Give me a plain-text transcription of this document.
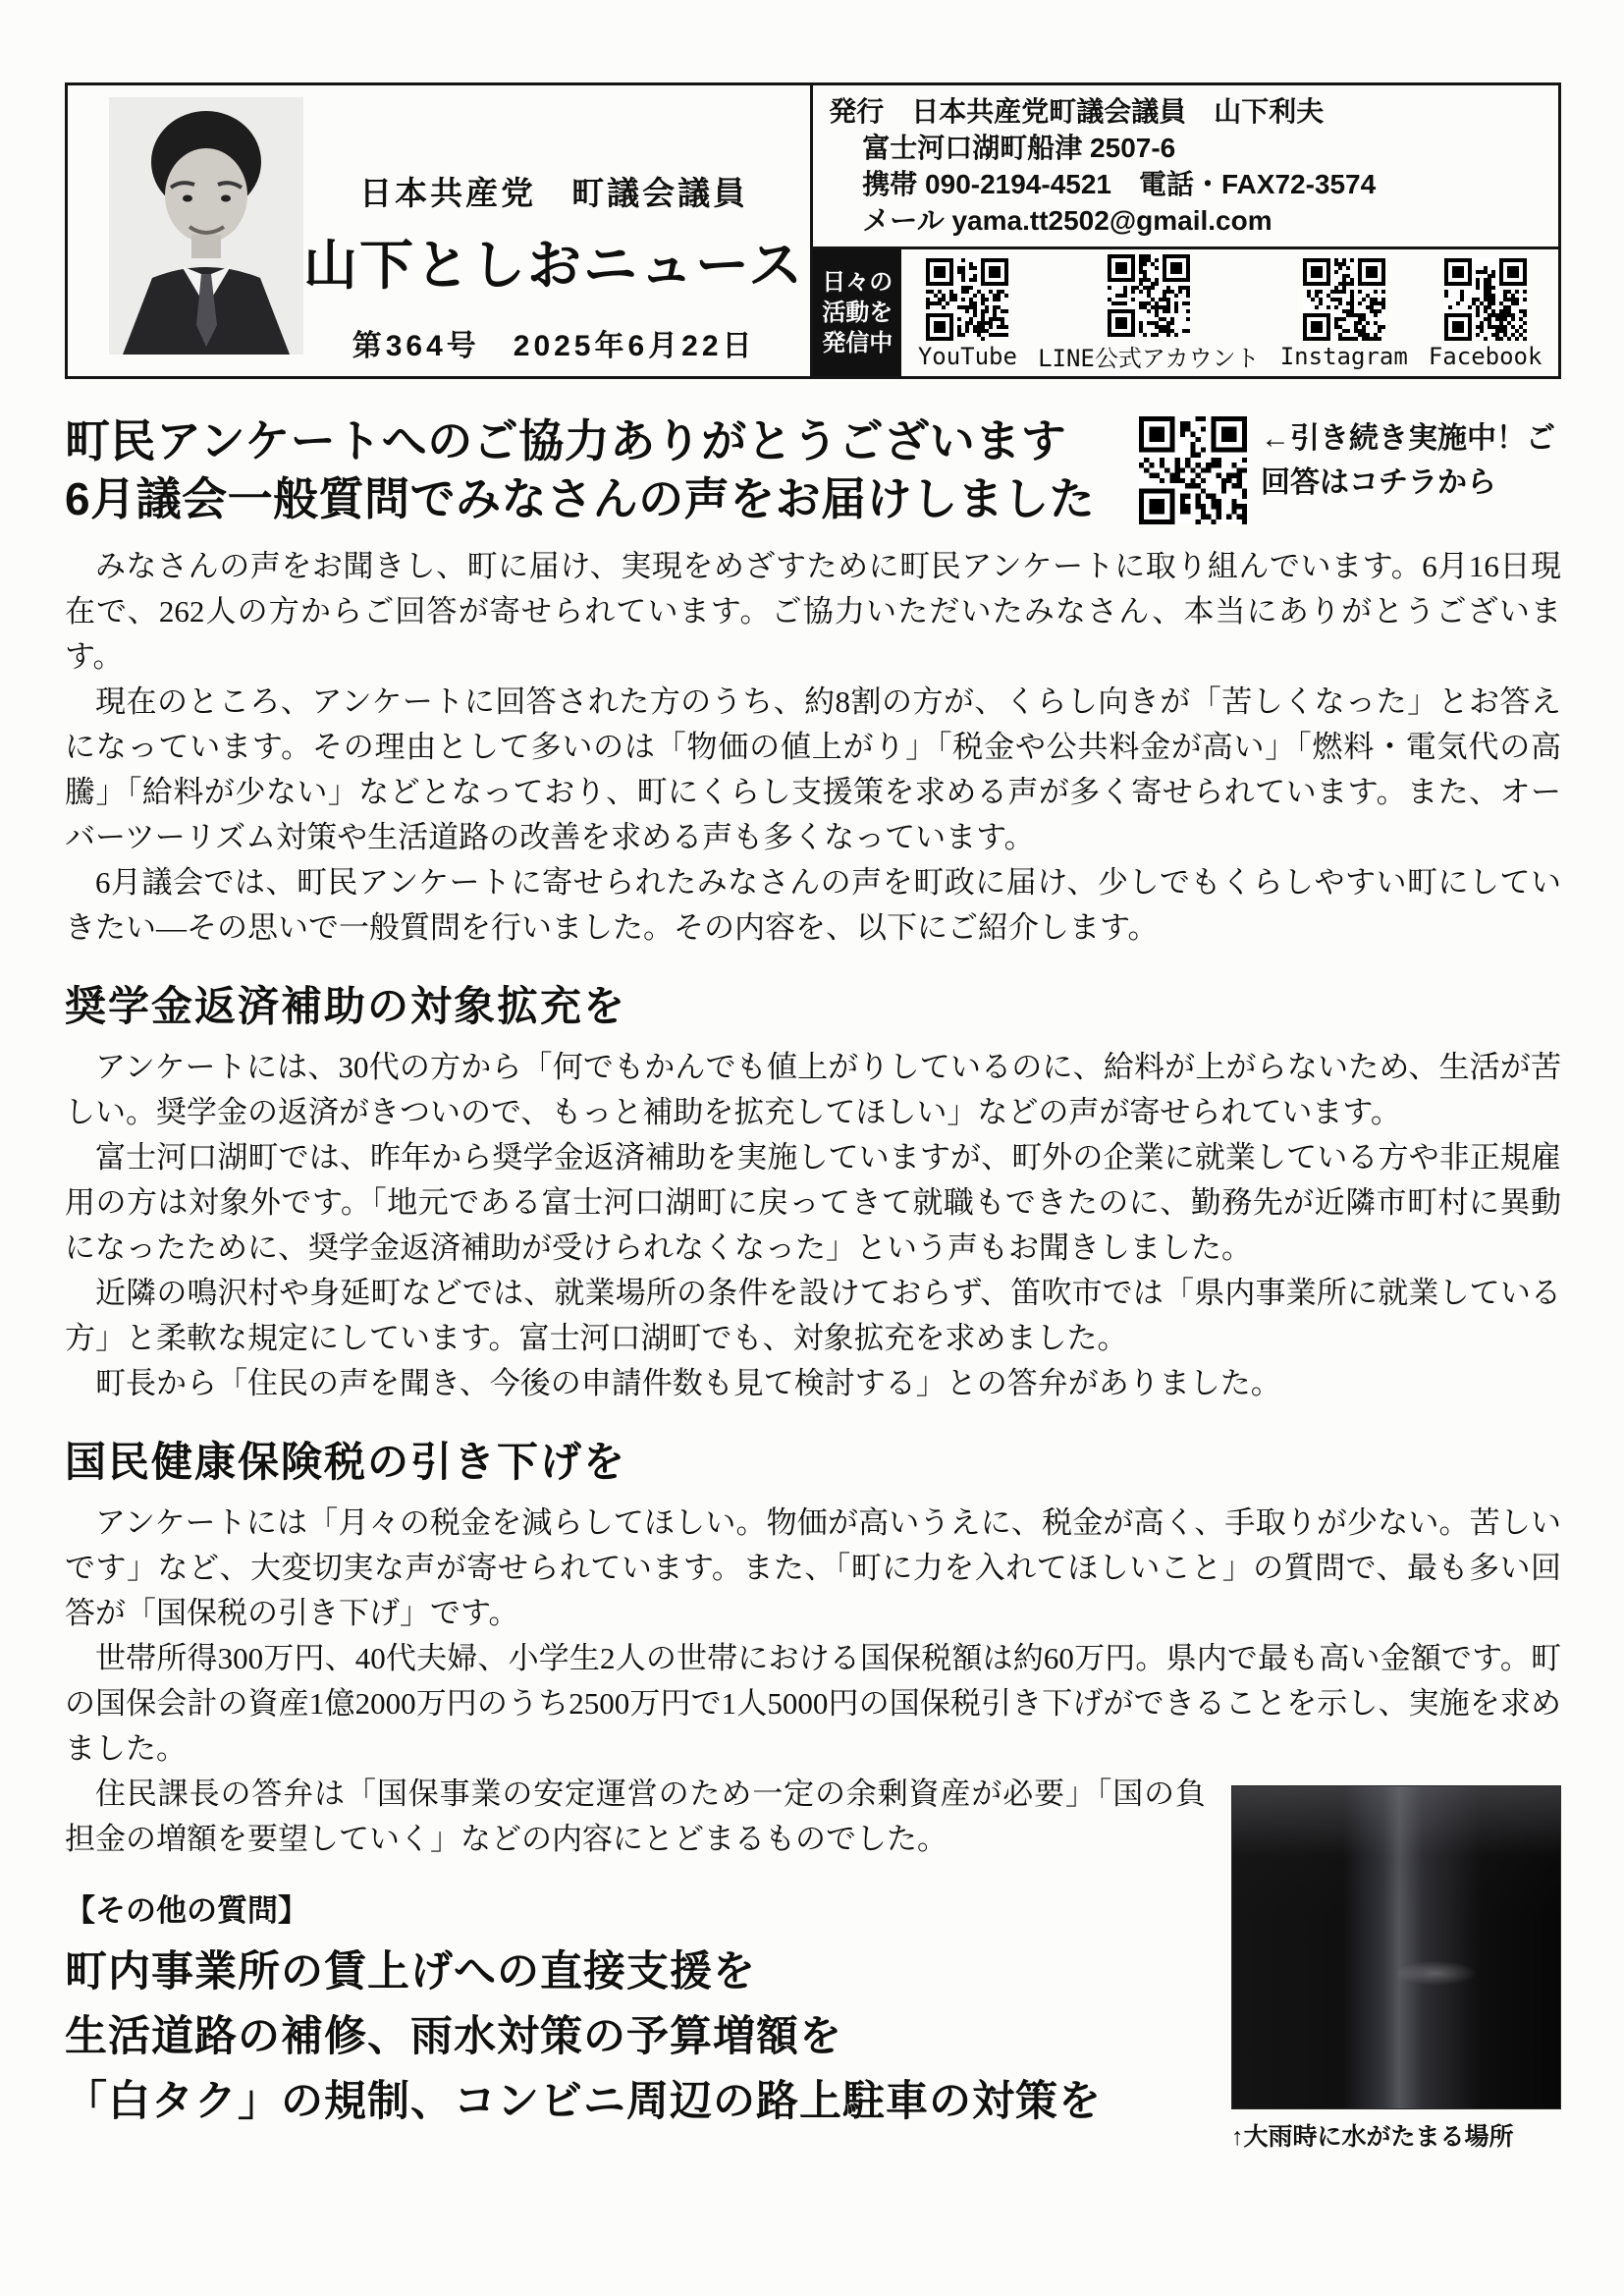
日本共産党　町議会議員
山下としおニュース
第364号　2025年6月22日
発行　日本共産党町議会議員　山下利夫
富士河口湖町船津 2507-6
携帯 090-2194-4521　電話・FAX72-3574
メール yama.tt2502@gmail.com
日々の活動を発信中	YouTube LINE公式アカウント Instagram Facebook
町民アンケートへのご協力ありがとうございます
6月議会一般質問でみなさんの声をお届けしました
←引き続き実施中！ご回答はコチラから

みなさんの声をお聞きし、町に届け、実現をめざすために町民アンケートに取り組んでいます。6月16日現在で、262人の方からご回答が寄せられています。ご協力いただいたみなさん、本当にありがとうございます。

現在のところ、アンケートに回答された方のうち、約8割の方が、くらし向きが「苦しくなった」とお答えになっています。その理由として多いのは「物価の値上がり」「税金や公共料金が高い」「燃料・電気代の高騰」「給料が少ない」などとなっており、町にくらし支援策を求める声が多く寄せられています。また、オーバーツーリズム対策や生活道路の改善を求める声も多くなっています。

6月議会では、町民アンケートに寄せられたみなさんの声を町政に届け、少しでもくらしやすい町にしていきたい―その思いで一般質問を行いました。その内容を、以下にご紹介します。

奨学金返済補助の対象拡充を

アンケートには、30代の方から「何でもかんでも値上がりしているのに、給料が上がらないため、生活が苦しい。奨学金の返済がきついので、もっと補助を拡充してほしい」などの声が寄せられています。

富士河口湖町では、昨年から奨学金返済補助を実施していますが、町外の企業に就業している方や非正規雇用の方は対象外です。「地元である富士河口湖町に戻ってきて就職もできたのに、勤務先が近隣市町村に異動になったために、奨学金返済補助が受けられなくなった」という声もお聞きしました。

近隣の鳴沢村や身延町などでは、就業場所の条件を設けておらず、笛吹市では「県内事業所に就業している方」と柔軟な規定にしています。富士河口湖町でも、対象拡充を求めました。

町長から「住民の声を聞き、今後の申請件数も見て検討する」との答弁がありました。

国民健康保険税の引き下げを

アンケートには「月々の税金を減らしてほしい。物価が高いうえに、税金が高く、手取りが少ない。苦しいです」など、大変切実な声が寄せられています。また、「町に力を入れてほしいこと」の質問で、最も多い回答が「国保税の引き下げ」です。

世帯所得300万円、40代夫婦、小学生2人の世帯における国保税額は約60万円。県内で最も高い金額です。町の国保会計の資産1億2000万円のうち2500万円で1人5000円の国保税引き下げができることを示し、実施を求めました。

↑大雨時に水がたまる場所

住民課長の答弁は「国保事業の安定運営のため一定の余剰資産が必要」「国の負担金の増額を要望していく」などの内容にとどまるものでした。

【その他の質問】
町内事業所の賃上げへの直接支援を
生活道路の補修、雨水対策の予算増額を
「白タク」の規制、コンビニ周辺の路上駐車の対策を
